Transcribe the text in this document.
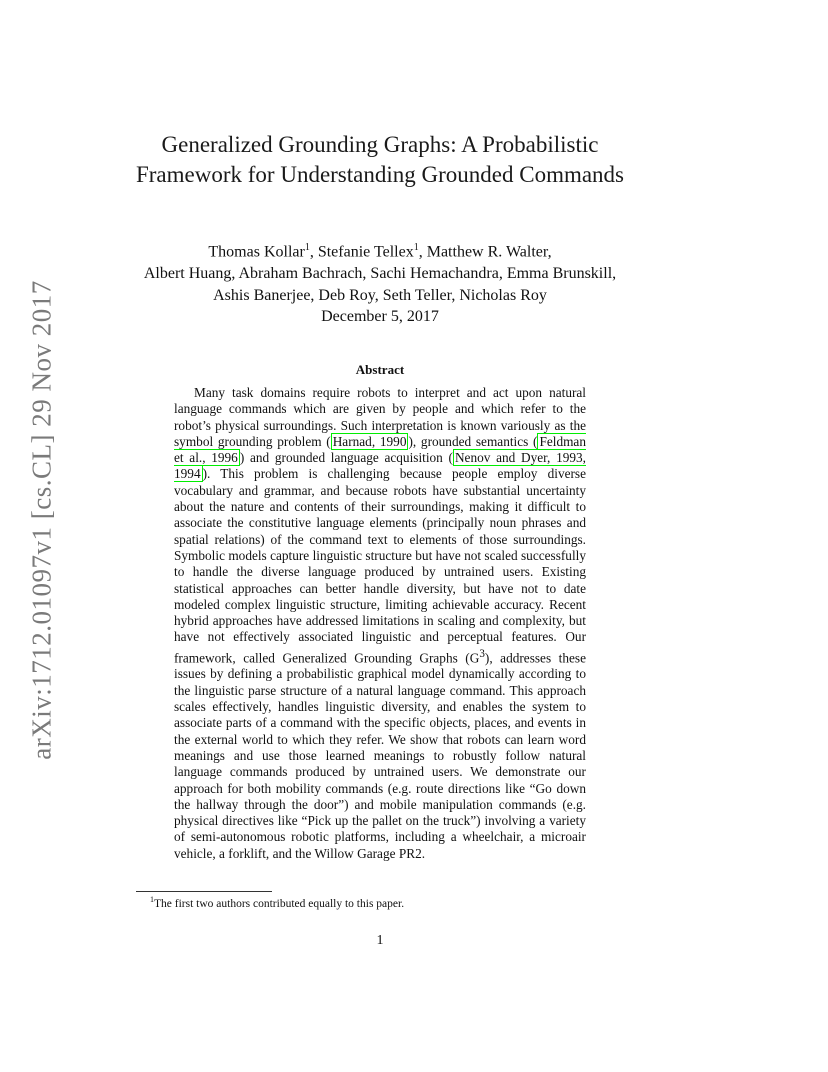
arXiv:1712.01097v1 [cs.CL] 29 Nov 2017
Generalized Grounding Graphs: A Probabilistic Framework for Understanding Grounded Commands
Thomas Kollar$^1$, Stefanie Tellex$^1$, Matthew R. Walter,
Albert Huang, Abraham Bachrach, Sachi Hemachandra, Emma Brunskill,
Ashis Banerjee, Deb Roy, Seth Teller, Nicholas Roy
December 5, 2017
Abstract

Many task domains require robots to interpret and act upon natural language commands which are given by people and which refer to the robot’s physical surroundings. Such interpretation is known variously as the symbol grounding problem ( Harnad, 1990 ), grounded semantics ( Feldman et al., 1996 ) and grounded language acquisition ( Nenov and Dyer, 1993, 1994 ). This problem is challenging because people employ diverse vocabulary and grammar, and because robots have substantial uncertainty about the nature and contents of their surroundings, making it difficult to associate the constitutive language elements (principally noun phrases and spatial relations) of the command text to elements of those surroundings. Symbolic models capture linguistic structure but have not scaled successfully to handle the diverse language produced by untrained users. Existing statistical approaches can better handle diversity, but have not to date modeled complex linguistic structure, limiting achievable accuracy. Recent hybrid approaches have addressed limitations in scaling and complexity, but have not effectively associated linguistic and perceptual features. Our framework, called Generalized Grounding Graphs $(G^3)$, addresses these issues by defining a probabilistic graphical model dynamically according to the linguistic parse structure of a natural language command. This approach scales effectively, handles linguistic diversity, and enables the system to associate parts of a command with the specific objects, places, and events in the external world to which they refer. We show that robots can learn word meanings and use those learned meanings to robustly follow natural language commands produced by untrained users. We demonstrate our approach for both mobility commands (e.g. route directions like “Go down the hallway through the door”) and mobile manipulation commands (e.g. physical directives like “Pick up the pallet on the truck”) involving a variety of semi-autonomous robotic platforms, including a wheelchair, a microair vehicle, a forklift, and the Willow Garage PR2.

$^1$The first two authors contributed equally to this paper.
1
